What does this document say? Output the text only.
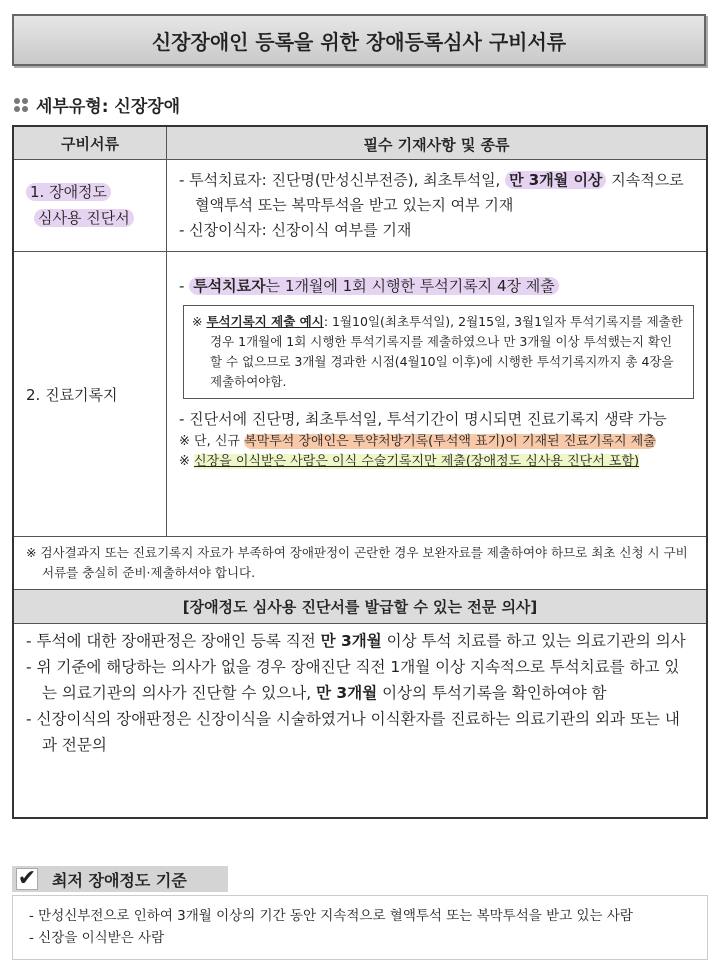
신장장애인 등록을 위한 장애등록심사 구비서류
세부유형: 신장장애
구비서류	필수 기재사항 및 종류
1. 장애정도
심사용 진단서
- 투석치료자: 진단명(만성신부전증), 최초투석일, 만 3개월 이상 지속적으로 혈액투석 또는 복막투석을 받고 있는지 여부 기재
- 신장이식자: 신장이식 여부를 기재
2. 진료기록지
- 투석치료자는 1개월에 1회 시행한 투석기록지 4장 제출
※ 투석기록지 제출 예시: 1월10일(최초투석일), 2월15일, 3월1일자 투석기록지를 제출한 경우 1개월에 1회 시행한 투석기록지를 제출하였으나 만 3개월 이상 투석했는지 확인할 수 없으므로 3개월 경과한 시점(4월10일 이후)에 시행한 투석기록지까지 총 4장을 제출하여야함.
- 진단서에 진단명, 최초투석일, 투석기간이 명시되면 진료기록지 생략 가능
※ 단, 신규 복막투석 장애인은 투약처방기록(투석액 표기)이 기재된 진료기록지 제출
※ 신장을 이식받은 사람은 이식 수술기록지만 제출(장애정도 심사용 진단서 포함)
※ 검사결과지 또는 진료기록지 자료가 부족하여 장애판정이 곤란한 경우 보완자료를 제출하여야 하므로 최초 신청 시 구비서류를 충실히 준비·제출하셔야 합니다.
[장애정도 심사용 진단서를 발급할 수 있는 전문 의사]

- 투석에 대한 장애판정은 장애인 등록 직전 만 3개월 이상 투석 치료를 하고 있는 의료기관의 의사

- 위 기준에 해당하는 의사가 없을 경우 장애진단 직전 1개월 이상 지속적으로 투석치료를 하고 있는 의료기관의 의사가 진단할 수 있으나, 만 3개월 이상의 투석기록을 확인하여야 함

- 신장이식의 장애판정은 신장이식을 시술하였거나 이식환자를 진료하는 의료기관의 외과 또는 내과 전문의

✔ 최저 장애정도 기준
- 만성신부전으로 인하여 3개월 이상의 기간 동안 지속적으로 혈액투석 또는 복막투석을 받고 있는 사람
- 신장을 이식받은 사람
